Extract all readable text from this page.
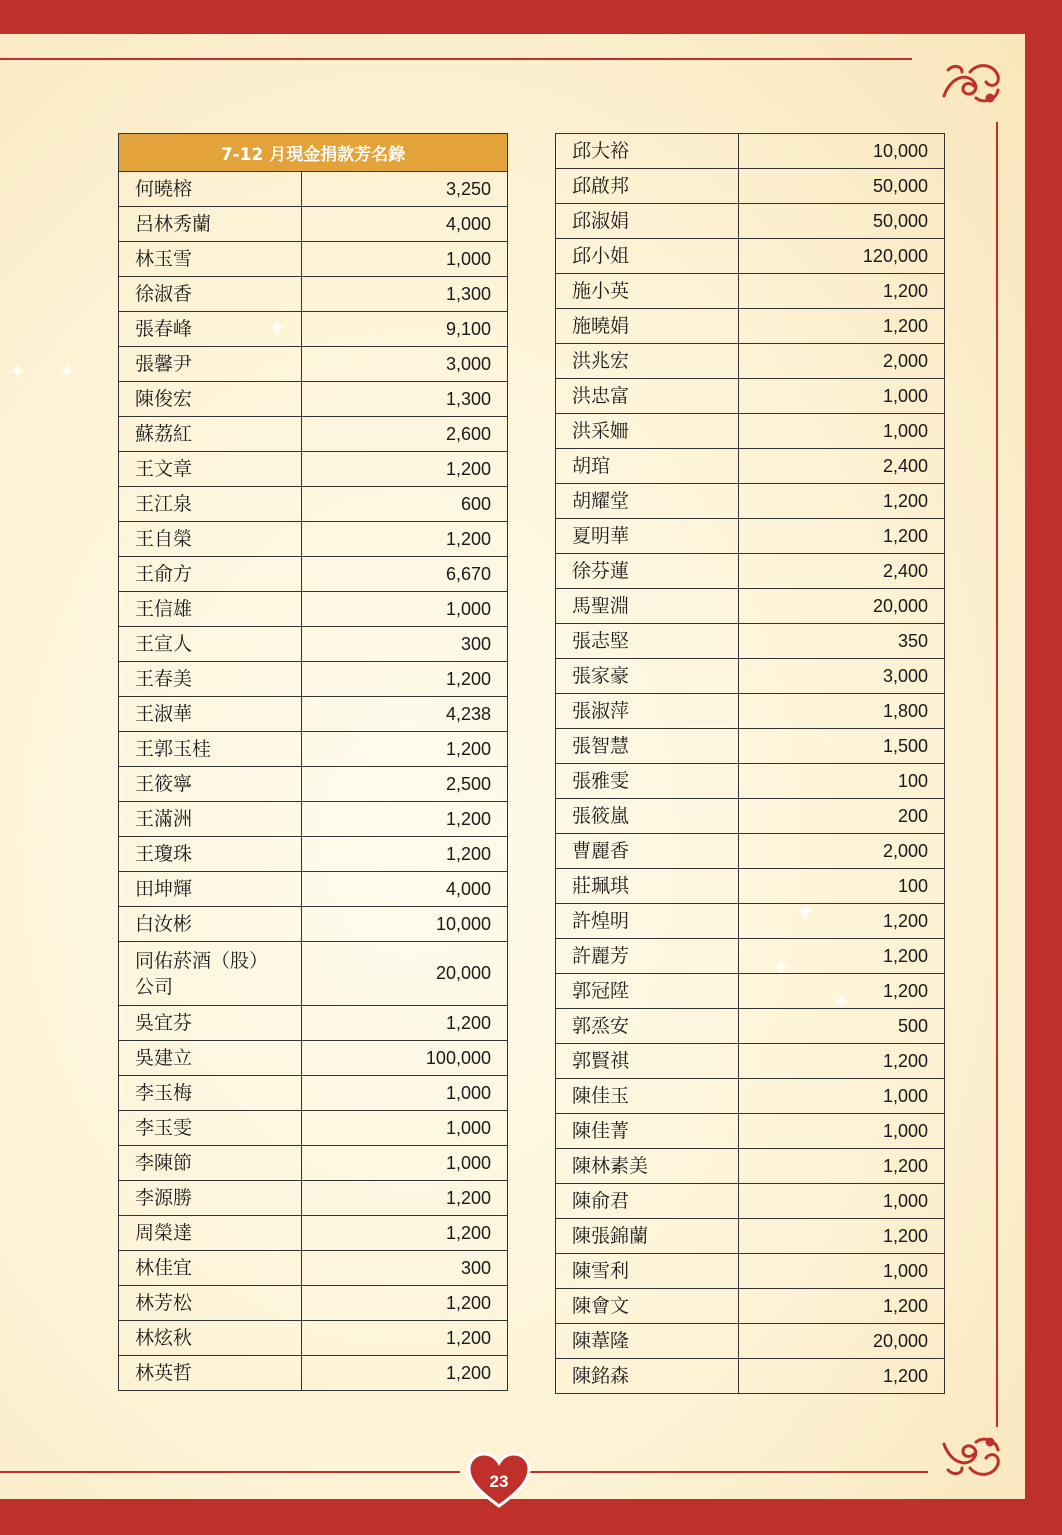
✦ ✦
✦
✦
✦
✦
23
7-12 月現金捐款芳名錄	
何曉榕	3,250
呂林秀蘭	4,000
林玉雪	1,000
徐淑香	1,300
張春峰	9,100
張馨尹	3,000
陳俊宏	1,300
蘇荔紅	2,600
王文章	1,200
王江泉	600
王自榮	1,200
王俞方	6,670
王信雄	1,000
王宣人	300
王春美	1,200
王淑華	4,238
王郭玉桂	1,200
王筱寧	2,500
王滿洲	1,200
王瓊珠	1,200
田坤輝	4,000
白汝彬	10,000
同佑菸酒（股）
公司	20,000
吳宜芬	1,200
吳建立	100,000
李玉梅	1,000
李玉雯	1,000
李陳節	1,000
李源勝	1,200
周榮達	1,200
林佳宜	300
林芳松	1,200
林炫秋	1,200
林英哲	1,200
邱大裕	10,000
邱啟邦	50,000
邱淑娟	50,000
邱小姐	120,000
施小英	1,200
施曉娟	1,200
洪兆宏	2,000
洪忠富	1,000
洪采姍	1,000
胡琯	2,400
胡耀堂	1,200
夏明華	1,200
徐芬蓮	2,400
馬聖淵	20,000
張志堅	350
張家豪	3,000
張淑萍	1,800
張智慧	1,500
張雅雯	100
張筱嵐	200
曹麗香	2,000
莊珮琪	100
許煌明	1,200
許麗芳	1,200
郭冠陞	1,200
郭烝安	500
郭賢祺	1,200
陳佳玉	1,000
陳佳菁	1,000
陳林素美	1,200
陳俞君	1,000
陳張錦蘭	1,200
陳雪利	1,000
陳會文	1,200
陳葦隆	20,000
陳銘森	1,200
